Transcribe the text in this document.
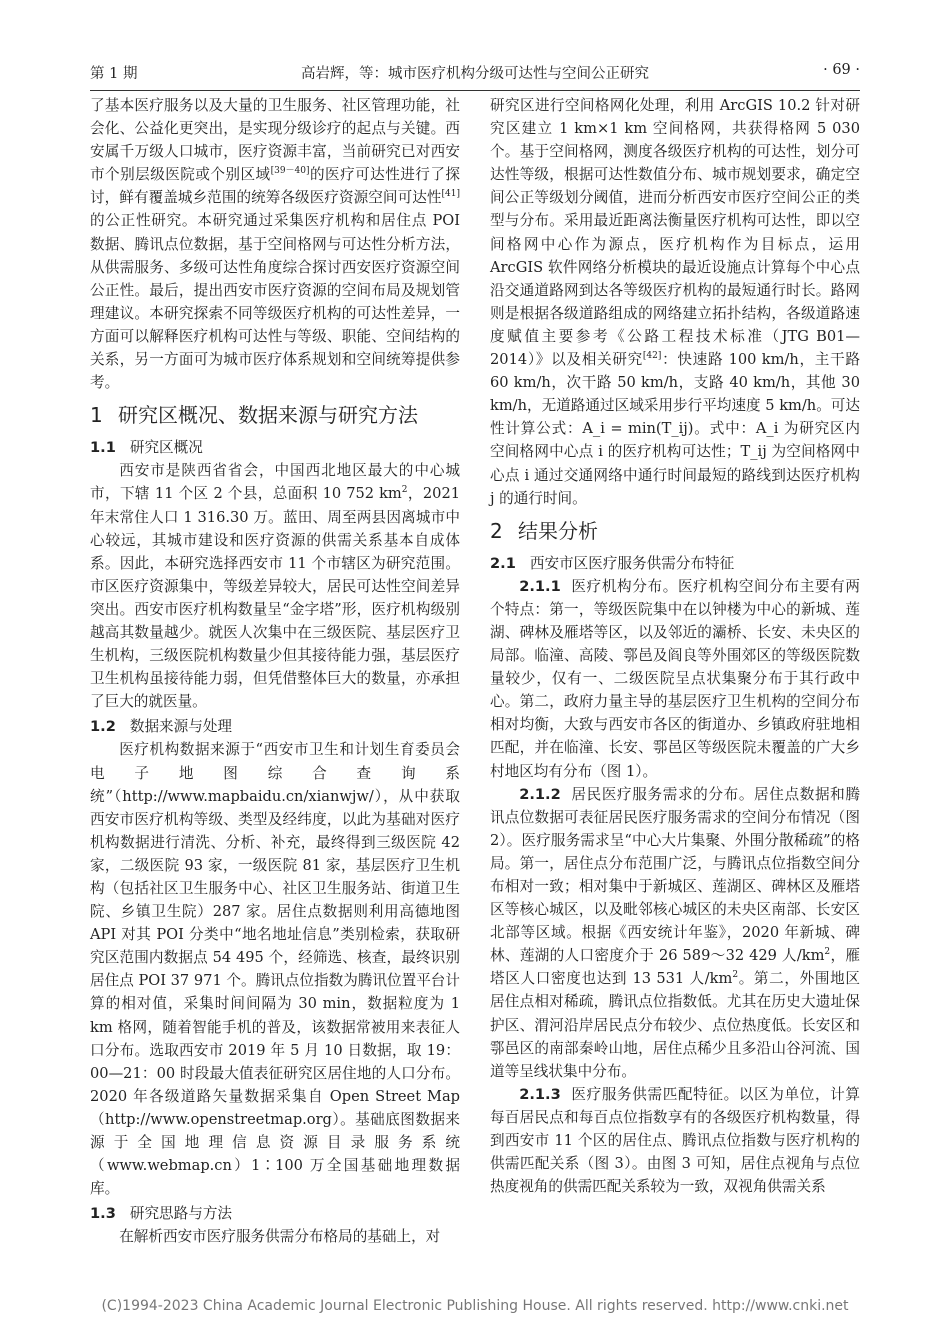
第 1 期	高岩辉，等：城市医疗机构分级可达性与空间公正研究	· 69 ·

了基本医疗服务以及大量的卫生服务、社区管理功能，社会化、公益化更突出，是实现分级诊疗的起点与关键。西安属千万级人口城市，医疗资源丰富，当前研究已对西安市个别层级医院或个别区域[39－40]的医疗可达性进行了探讨，鲜有覆盖城乡范围的统筹各级医疗资源空间可达性[41]的公正性研究。本研究通过采集医疗机构和居住点 POI 数据、腾讯点位数据，基于空间格网与可达性分析方法，从供需服务、多级可达性角度综合探讨西安医疗资源空间公正性。最后，提出西安市医疗资源的空间布局及规划管理建议。本研究探索不同等级医疗机构的可达性差异，一方面可以解释医疗机构可达性与等级、职能、空间结构的关系，另一方面可为城市医疗体系规划和空间统筹提供参考。

1 研究区概况、数据来源与研究方法
1.1 研究区概况

西安市是陕西省省会，中国西北地区最大的中心城市，下辖 11 个区 2 个县，总面积 10 752 $km^2$，2021 年末常住人口 1 316.30 万。蓝田、周至两县因离城市中心较远，其城市建设和医疗资源的供需关系基本自成体系。因此，本研究选择西安市 11 个市辖区为研究范围。市区医疗资源集中，等级差异较大，居民可达性空间差异突出。西安市医疗机构数量呈“金字塔”形，医疗机构级别越高其数量越少。就医人次集中在三级医院、基层医疗卫生机构，三级医院机构数量少但其接待能力强，基层医疗卫生机构虽接待能力弱，但凭借整体巨大的数量，亦承担了巨大的就医量。

1.2 数据来源与处理

医疗机构数据来源于“西安市卫生和计划生育委员会电子地图综合查询系统”（http://www.mapbaidu.cn/xianwjw/），从中获取西安市医疗机构等级、类型及经纬度，以此为基础对医疗机构数据进行清洗、分析、补充，最终得到三级医院 42 家，二级医院 93 家，一级医院 81 家，基层医疗卫生机构（包括社区卫生服务中心、社区卫生服务站、街道卫生院、乡镇卫生院）287 家。居住点数据则利用高德地图 API 对其 POI 分类中“地名地址信息”类别检索，获取研究区范围内数据点 54 495 个，经筛选、核查，最终识别居住点 POI 37 971 个。腾讯点位指数为腾讯位置平台计算的相对值，采集时间间隔为 30 min，数据粒度为 1 km 格网，随着智能手机的普及，该数据常被用来表征人口分布。选取西安市 2019 年 5 月 10 日数据，取 19：00—21：00 时段最大值表征研究区居住地的人口分布。2020 年各级道路矢量数据采集自 Open Street Map（http://www.openstreetmap.org）。基础底图数据来源于全国地理信息资源目录服务系统（www.webmap.cn）1∶100 万全国基础地理数据库。

1.3 研究思路与方法

在解析西安市医疗服务供需分布格局的基础上，对

研究区进行空间格网化处理，利用 ArcGIS 10.2 针对研究区建立 1 km×1 km 空间格网，共获得格网 5 030 个。基于空间格网，测度各级医疗机构的可达性，划分可达性等级，根据可达性数值分布、城市规划要求，确定空间公正等级划分阈值，进而分析西安市医疗空间公正的类型与分布。采用最近距离法衡量医疗机构可达性，即以空间格网中心作为源点，医疗机构作为目标点，运用 ArcGIS 软件网络分析模块的最近设施点计算每个中心点沿交通道路网到达各等级医疗机构的最短通行时长。路网则是根据各级道路组成的网络建立拓扑结构，各级道路速度赋值主要参考《公路工程技术标准（JTG B01—2014）》以及相关研究[42]：快速路 100 km/h，主干路 60 km/h，次干路 50 km/h，支路 40 km/h，其他 30 km/h，无道路通过区域采用步行平均速度 5 km/h。可达性计算公式：A_i = min(T_ij)。式中：A_i 为研究区内空间格网中心点 i 的医疗机构可达性；T_ij 为空间格网中心点 i 通过交通网络中通行时间最短的路线到达医疗机构 j 的通行时间。

2 结果分析
2.1 西安市区医疗服务供需分布特征

2.1.1 医疗机构分布。医疗机构空间分布主要有两个特点：第一，等级医院集中在以钟楼为中心的新城、莲湖、碑林及雁塔等区，以及邻近的灞桥、长安、未央区的局部。临潼、高陵、鄠邑及阎良等外围郊区的等级医院数量较少，仅有一、二级医院呈点状集聚分布于其行政中心。第二，政府力量主导的基层医疗卫生机构的空间分布相对均衡，大致与西安市各区的街道办、乡镇政府驻地相匹配，并在临潼、长安、鄠邑区等级医院未覆盖的广大乡村地区均有分布（图 1）。

2.1.2 居民医疗服务需求的分布。居住点数据和腾讯点位数据可表征居民医疗服务需求的空间分布情况（图 2）。医疗服务需求呈“中心大片集聚、外围分散稀疏”的格局。第一，居住点分布范围广泛，与腾讯点位指数空间分布相对一致；相对集中于新城区、莲湖区、碑林区及雁塔区等核心城区，以及毗邻核心城区的未央区南部、长安区北部等区域。根据《西安统计年鉴》，2020 年新城、碑林、莲湖的人口密度介于 26 589～32 429 人$/km^2$，雁塔区人口密度也达到 13 531 人$/km^2$。第二，外围地区居住点相对稀疏，腾讯点位指数低。尤其在历史大遗址保护区、渭河沿岸居民点分布较少、点位热度低。长安区和鄠邑区的南部秦岭山地，居住点稀少且多沿山谷河流、国道等呈线状集中分布。

2.1.3 医疗服务供需匹配特征。以区为单位，计算每百居民点和每百点位指数享有的各级医疗机构数量，得到西安市 11 个区的居住点、腾讯点位指数与医疗机构的供需匹配关系（图 3）。由图 3 可知，居住点视角与点位热度视角的供需匹配关系较为一致，双视角供需关系

(C)1994-2023 China Academic Journal Electronic Publishing House. All rights reserved. http://www.cnki.net
